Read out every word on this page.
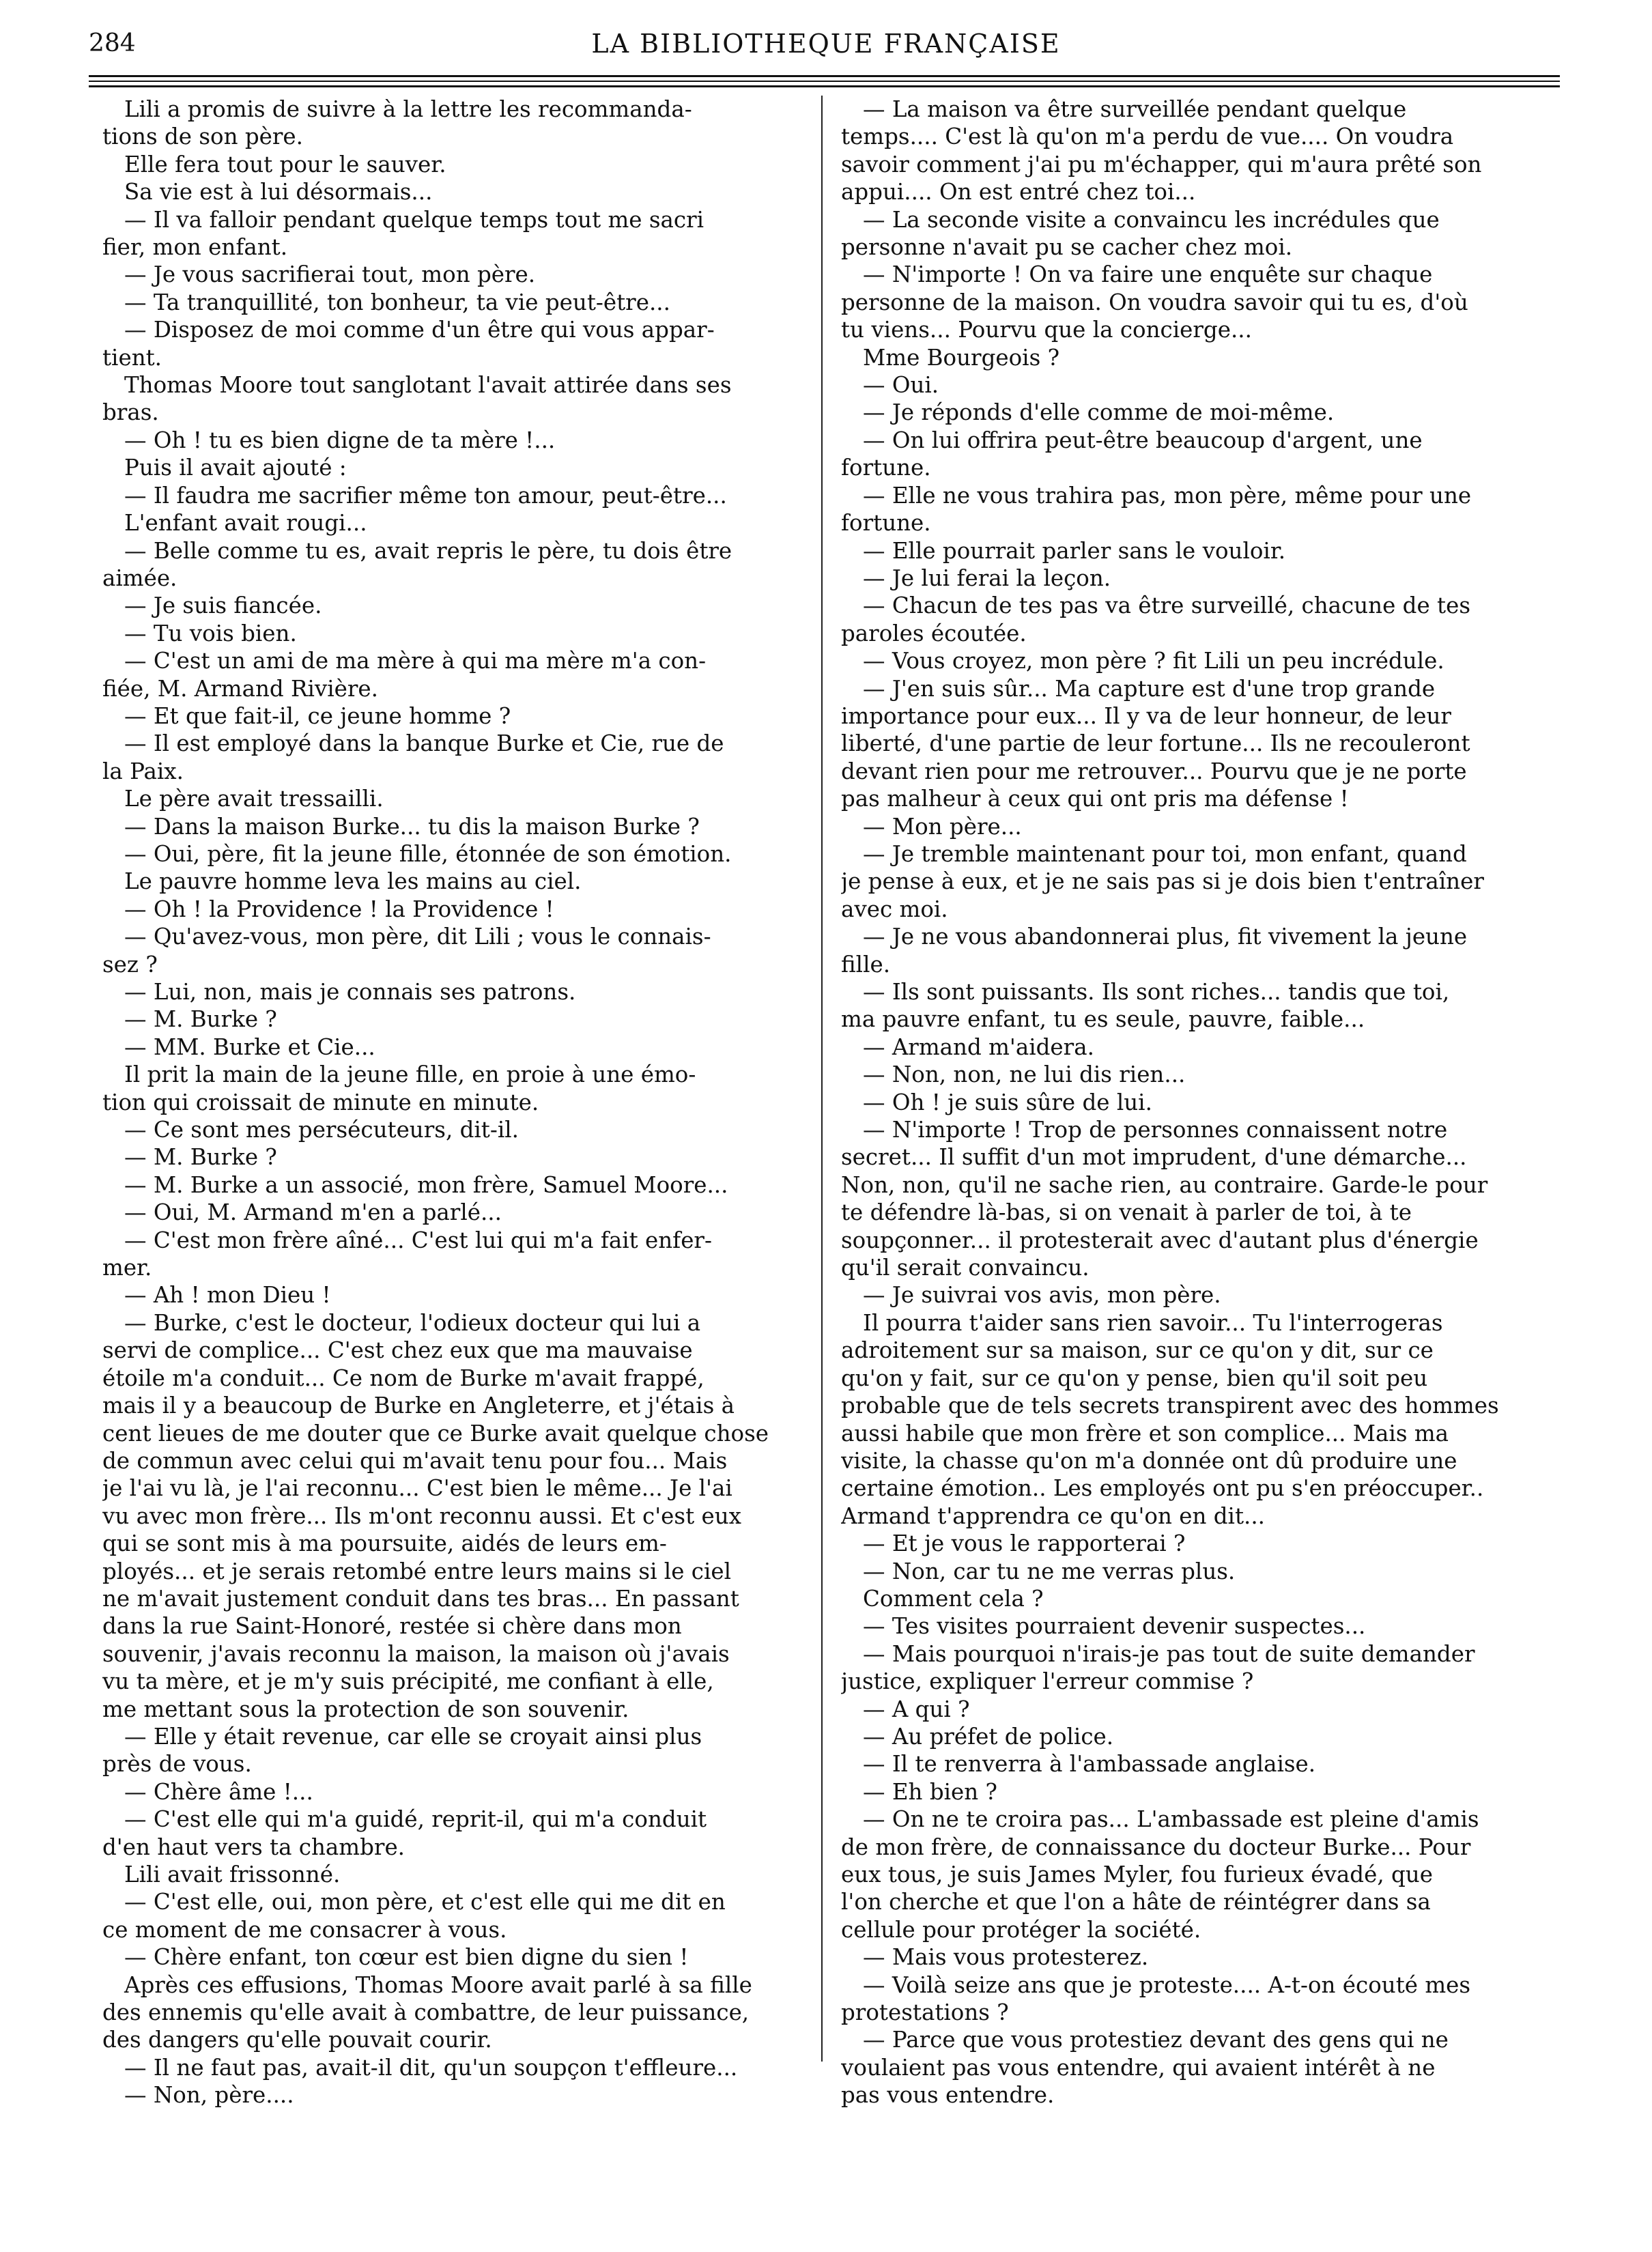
284	LA BIBLIOTHEQUE FRANÇAISE

Lili a promis de suivre à la lettre les recommanda-

tions de son père.

Elle fera tout pour le sauver.

Sa vie est à lui désormais...

— Il va falloir pendant quelque temps tout me sacri

fier, mon enfant.

— Je vous sacrifierai tout, mon père.

— Ta tranquillité, ton bonheur, ta vie peut-être...

— Disposez de moi comme d'un être qui vous appar-

tient.

Thomas Moore tout sanglotant l'avait attirée dans ses

bras.

— Oh ! tu es bien digne de ta mère !...

Puis il avait ajouté :

— Il faudra me sacrifier même ton amour, peut-être...

L'enfant avait rougi...

— Belle comme tu es, avait repris le père, tu dois être

aimée.

— Je suis fiancée.

— Tu vois bien.

— C'est un ami de ma mère à qui ma mère m'a con-

fiée, M. Armand Rivière.

— Et que fait-il, ce jeune homme ?

— Il est employé dans la banque Burke et Cie, rue de

la Paix.

Le père avait tressailli.

— Dans la maison Burke... tu dis la maison Burke ?

— Oui, père, fit la jeune fille, étonnée de son émotion.

Le pauvre homme leva les mains au ciel.

— Oh ! la Providence ! la Providence !

— Qu'avez-vous, mon père, dit Lili ; vous le connais-

sez ?

— Lui, non, mais je connais ses patrons.

— M. Burke ?

— MM. Burke et Cie...

Il prit la main de la jeune fille, en proie à une émo-

tion qui croissait de minute en minute.

— Ce sont mes persécuteurs, dit-il.

— M. Burke ?

— M. Burke a un associé, mon frère, Samuel Moore...

— Oui, M. Armand m'en a parlé...

— C'est mon frère aîné... C'est lui qui m'a fait enfer-

mer.

— Ah ! mon Dieu !

— Burke, c'est le docteur, l'odieux docteur qui lui a

servi de complice... C'est chez eux que ma mauvaise

étoile m'a conduit... Ce nom de Burke m'avait frappé,

mais il y a beaucoup de Burke en Angleterre, et j'étais à

cent lieues de me douter que ce Burke avait quelque chose

de commun avec celui qui m'avait tenu pour fou... Mais

je l'ai vu là, je l'ai reconnu... C'est bien le même... Je l'ai

vu avec mon frère... Ils m'ont reconnu aussi. Et c'est eux

qui se sont mis à ma poursuite, aidés de leurs em-

ployés... et je serais retombé entre leurs mains si le ciel

ne m'avait justement conduit dans tes bras... En passant

dans la rue Saint-Honoré, restée si chère dans mon

souvenir, j'avais reconnu la maison, la maison où j'avais

vu ta mère, et je m'y suis précipité, me confiant à elle,

me mettant sous la protection de son souvenir.

— Elle y était revenue, car elle se croyait ainsi plus

près de vous.

— Chère âme !...

— C'est elle qui m'a guidé, reprit-il, qui m'a conduit

d'en haut vers ta chambre.

Lili avait frissonné.

— C'est elle, oui, mon père, et c'est elle qui me dit en

ce moment de me consacrer à vous.

— Chère enfant, ton cœur est bien digne du sien !

Après ces effusions, Thomas Moore avait parlé à sa fille

des ennemis qu'elle avait à combattre, de leur puissance,

des dangers qu'elle pouvait courir.

— Il ne faut pas, avait-il dit, qu'un soupçon t'effleure...

— Non, père....

— La maison va être surveillée pendant quelque

temps.... C'est là qu'on m'a perdu de vue.... On voudra

savoir comment j'ai pu m'échapper, qui m'aura prêté son

appui.... On est entré chez toi...

— La seconde visite a convaincu les incrédules que

personne n'avait pu se cacher chez moi.

— N'importe ! On va faire une enquête sur chaque

personne de la maison. On voudra savoir qui tu es, d'où

tu viens... Pourvu que la concierge...

Mme Bourgeois ?

— Oui.

— Je réponds d'elle comme de moi-même.

— On lui offrira peut-être beaucoup d'argent, une

fortune.

— Elle ne vous trahira pas, mon père, même pour une

fortune.

— Elle pourrait parler sans le vouloir.

— Je lui ferai la leçon.

— Chacun de tes pas va être surveillé, chacune de tes

paroles écoutée.

— Vous croyez, mon père ? fit Lili un peu incrédule.

— J'en suis sûr... Ma capture est d'une trop grande

importance pour eux... Il y va de leur honneur, de leur

liberté, d'une partie de leur fortune... Ils ne recouleront

devant rien pour me retrouver... Pourvu que je ne porte

pas malheur à ceux qui ont pris ma défense !

— Mon père...

— Je tremble maintenant pour toi, mon enfant, quand

je pense à eux, et je ne sais pas si je dois bien t'entraîner

avec moi.

— Je ne vous abandonnerai plus, fit vivement la jeune

fille.

— Ils sont puissants. Ils sont riches... tandis que toi,

ma pauvre enfant, tu es seule, pauvre, faible...

— Armand m'aidera.

— Non, non, ne lui dis rien...

— Oh ! je suis sûre de lui.

— N'importe ! Trop de personnes connaissent notre

secret... Il suffit d'un mot imprudent, d'une démarche...

Non, non, qu'il ne sache rien, au contraire. Garde-le pour

te défendre là-bas, si on venait à parler de toi, à te

soupçonner... il protesterait avec d'autant plus d'énergie

qu'il serait convaincu.

— Je suivrai vos avis, mon père.

Il pourra t'aider sans rien savoir... Tu l'interrogeras

adroitement sur sa maison, sur ce qu'on y dit, sur ce

qu'on y fait, sur ce qu'on y pense, bien qu'il soit peu

probable que de tels secrets transpirent avec des hommes

aussi habile que mon frère et son complice... Mais ma

visite, la chasse qu'on m'a donnée ont dû produire une

certaine émotion.. Les employés ont pu s'en préoccuper..

Armand t'apprendra ce qu'on en dit...

— Et je vous le rapporterai ?

— Non, car tu ne me verras plus.

Comment cela ?

— Tes visites pourraient devenir suspectes...

— Mais pourquoi n'irais-je pas tout de suite demander

justice, expliquer l'erreur commise ?

— A qui ?

— Au préfet de police.

— Il te renverra à l'ambassade anglaise.

— Eh bien ?

— On ne te croira pas... L'ambassade est pleine d'amis

de mon frère, de connaissance du docteur Burke... Pour

eux tous, je suis James Myler, fou furieux évadé, que

l'on cherche et que l'on a hâte de réintégrer dans sa

cellule pour protéger la société.

— Mais vous protesterez.

— Voilà seize ans que je proteste.... A-t-on écouté mes

protestations ?

— Parce que vous protestiez devant des gens qui ne

voulaient pas vous entendre, qui avaient intérêt à ne

pas vous entendre.
